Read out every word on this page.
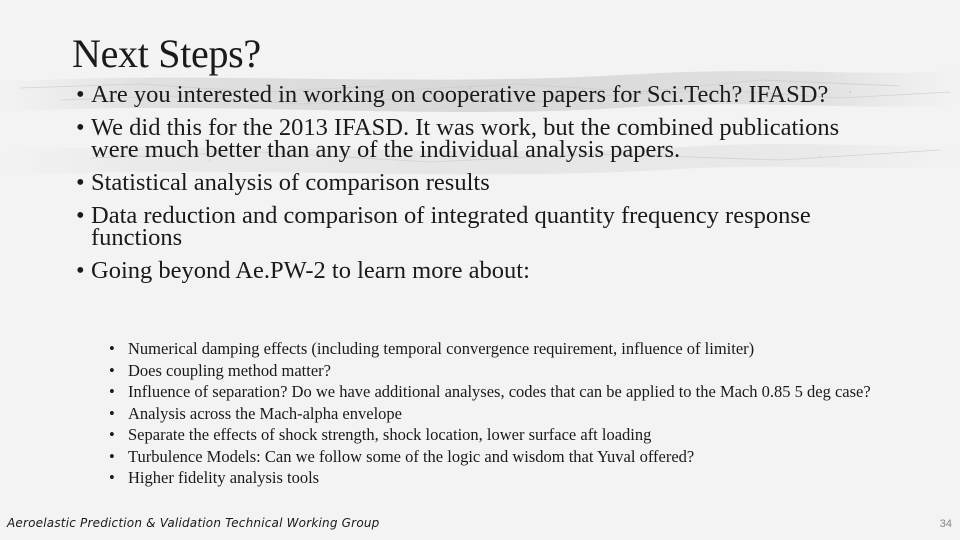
Next Steps?
• Are you interested in working on cooperative papers for Sci.Tech? IFASD?
• We did this for the 2013 IFASD. It was work, but the combined publications were much better than any of the individual analysis papers.
• Statistical analysis of comparison results
• Data reduction and comparison of integrated quantity frequency response functions
• Going beyond Ae.PW-2 to learn more about:
• Numerical damping effects (including temporal convergence requirement, influence of limiter)
• Does coupling method matter?
• Influence of separation? Do we have additional analyses, codes that can be applied to the Mach 0.85 5 deg case?
• Analysis across the Mach-alpha envelope
• Separate the effects of shock strength, shock location, lower surface aft loading
• Turbulence Models: Can we follow some of the logic and wisdom that Yuval offered?
• Higher fidelity analysis tools
Aeroelastic Prediction & Validation Technical Working Group	34
